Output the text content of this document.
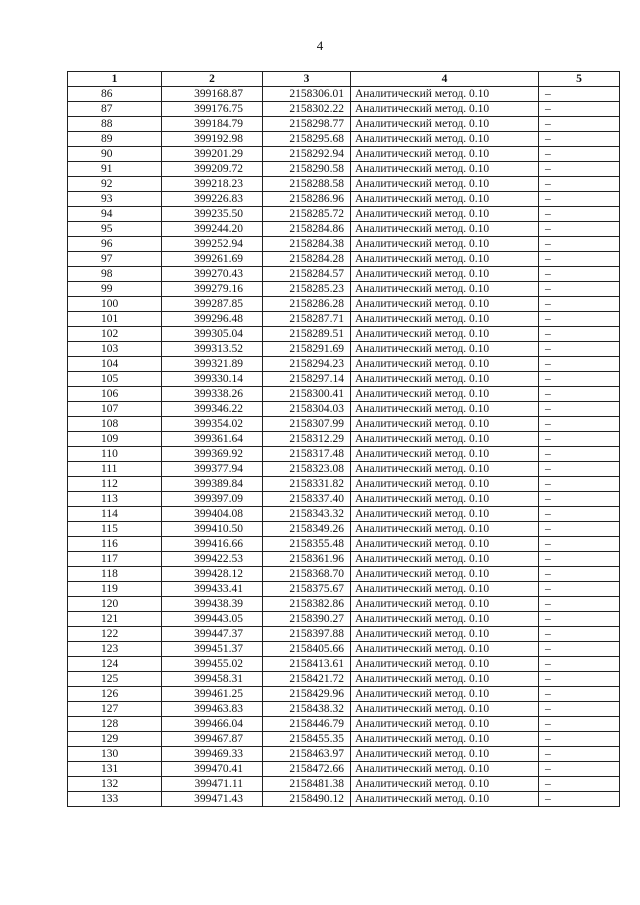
4
1	2	3	4	5
86	399168.87	2158306.01	Аналитический метод. 0.10	–
87	399176.75	2158302.22	Аналитический метод. 0.10	–
88	399184.79	2158298.77	Аналитический метод. 0.10	–
89	399192.98	2158295.68	Аналитический метод. 0.10	–
90	399201.29	2158292.94	Аналитический метод. 0.10	–
91	399209.72	2158290.58	Аналитический метод. 0.10	–
92	399218.23	2158288.58	Аналитический метод. 0.10	–
93	399226.83	2158286.96	Аналитический метод. 0.10	–
94	399235.50	2158285.72	Аналитический метод. 0.10	–
95	399244.20	2158284.86	Аналитический метод. 0.10	–
96	399252.94	2158284.38	Аналитический метод. 0.10	–
97	399261.69	2158284.28	Аналитический метод. 0.10	–
98	399270.43	2158284.57	Аналитический метод. 0.10	–
99	399279.16	2158285.23	Аналитический метод. 0.10	–
100	399287.85	2158286.28	Аналитический метод. 0.10	–
101	399296.48	2158287.71	Аналитический метод. 0.10	–
102	399305.04	2158289.51	Аналитический метод. 0.10	–
103	399313.52	2158291.69	Аналитический метод. 0.10	–
104	399321.89	2158294.23	Аналитический метод. 0.10	–
105	399330.14	2158297.14	Аналитический метод. 0.10	–
106	399338.26	2158300.41	Аналитический метод. 0.10	–
107	399346.22	2158304.03	Аналитический метод. 0.10	–
108	399354.02	2158307.99	Аналитический метод. 0.10	–
109	399361.64	2158312.29	Аналитический метод. 0.10	–
110	399369.92	2158317.48	Аналитический метод. 0.10	–
111	399377.94	2158323.08	Аналитический метод. 0.10	–
112	399389.84	2158331.82	Аналитический метод. 0.10	–
113	399397.09	2158337.40	Аналитический метод. 0.10	–
114	399404.08	2158343.32	Аналитический метод. 0.10	–
115	399410.50	2158349.26	Аналитический метод. 0.10	–
116	399416.66	2158355.48	Аналитический метод. 0.10	–
117	399422.53	2158361.96	Аналитический метод. 0.10	–
118	399428.12	2158368.70	Аналитический метод. 0.10	–
119	399433.41	2158375.67	Аналитический метод. 0.10	–
120	399438.39	2158382.86	Аналитический метод. 0.10	–
121	399443.05	2158390.27	Аналитический метод. 0.10	–
122	399447.37	2158397.88	Аналитический метод. 0.10	–
123	399451.37	2158405.66	Аналитический метод. 0.10	–
124	399455.02	2158413.61	Аналитический метод. 0.10	–
125	399458.31	2158421.72	Аналитический метод. 0.10	–
126	399461.25	2158429.96	Аналитический метод. 0.10	–
127	399463.83	2158438.32	Аналитический метод. 0.10	–
128	399466.04	2158446.79	Аналитический метод. 0.10	–
129	399467.87	2158455.35	Аналитический метод. 0.10	–
130	399469.33	2158463.97	Аналитический метод. 0.10	–
131	399470.41	2158472.66	Аналитический метод. 0.10	–
132	399471.11	2158481.38	Аналитический метод. 0.10	–
133	399471.43	2158490.12	Аналитический метод. 0.10	–
